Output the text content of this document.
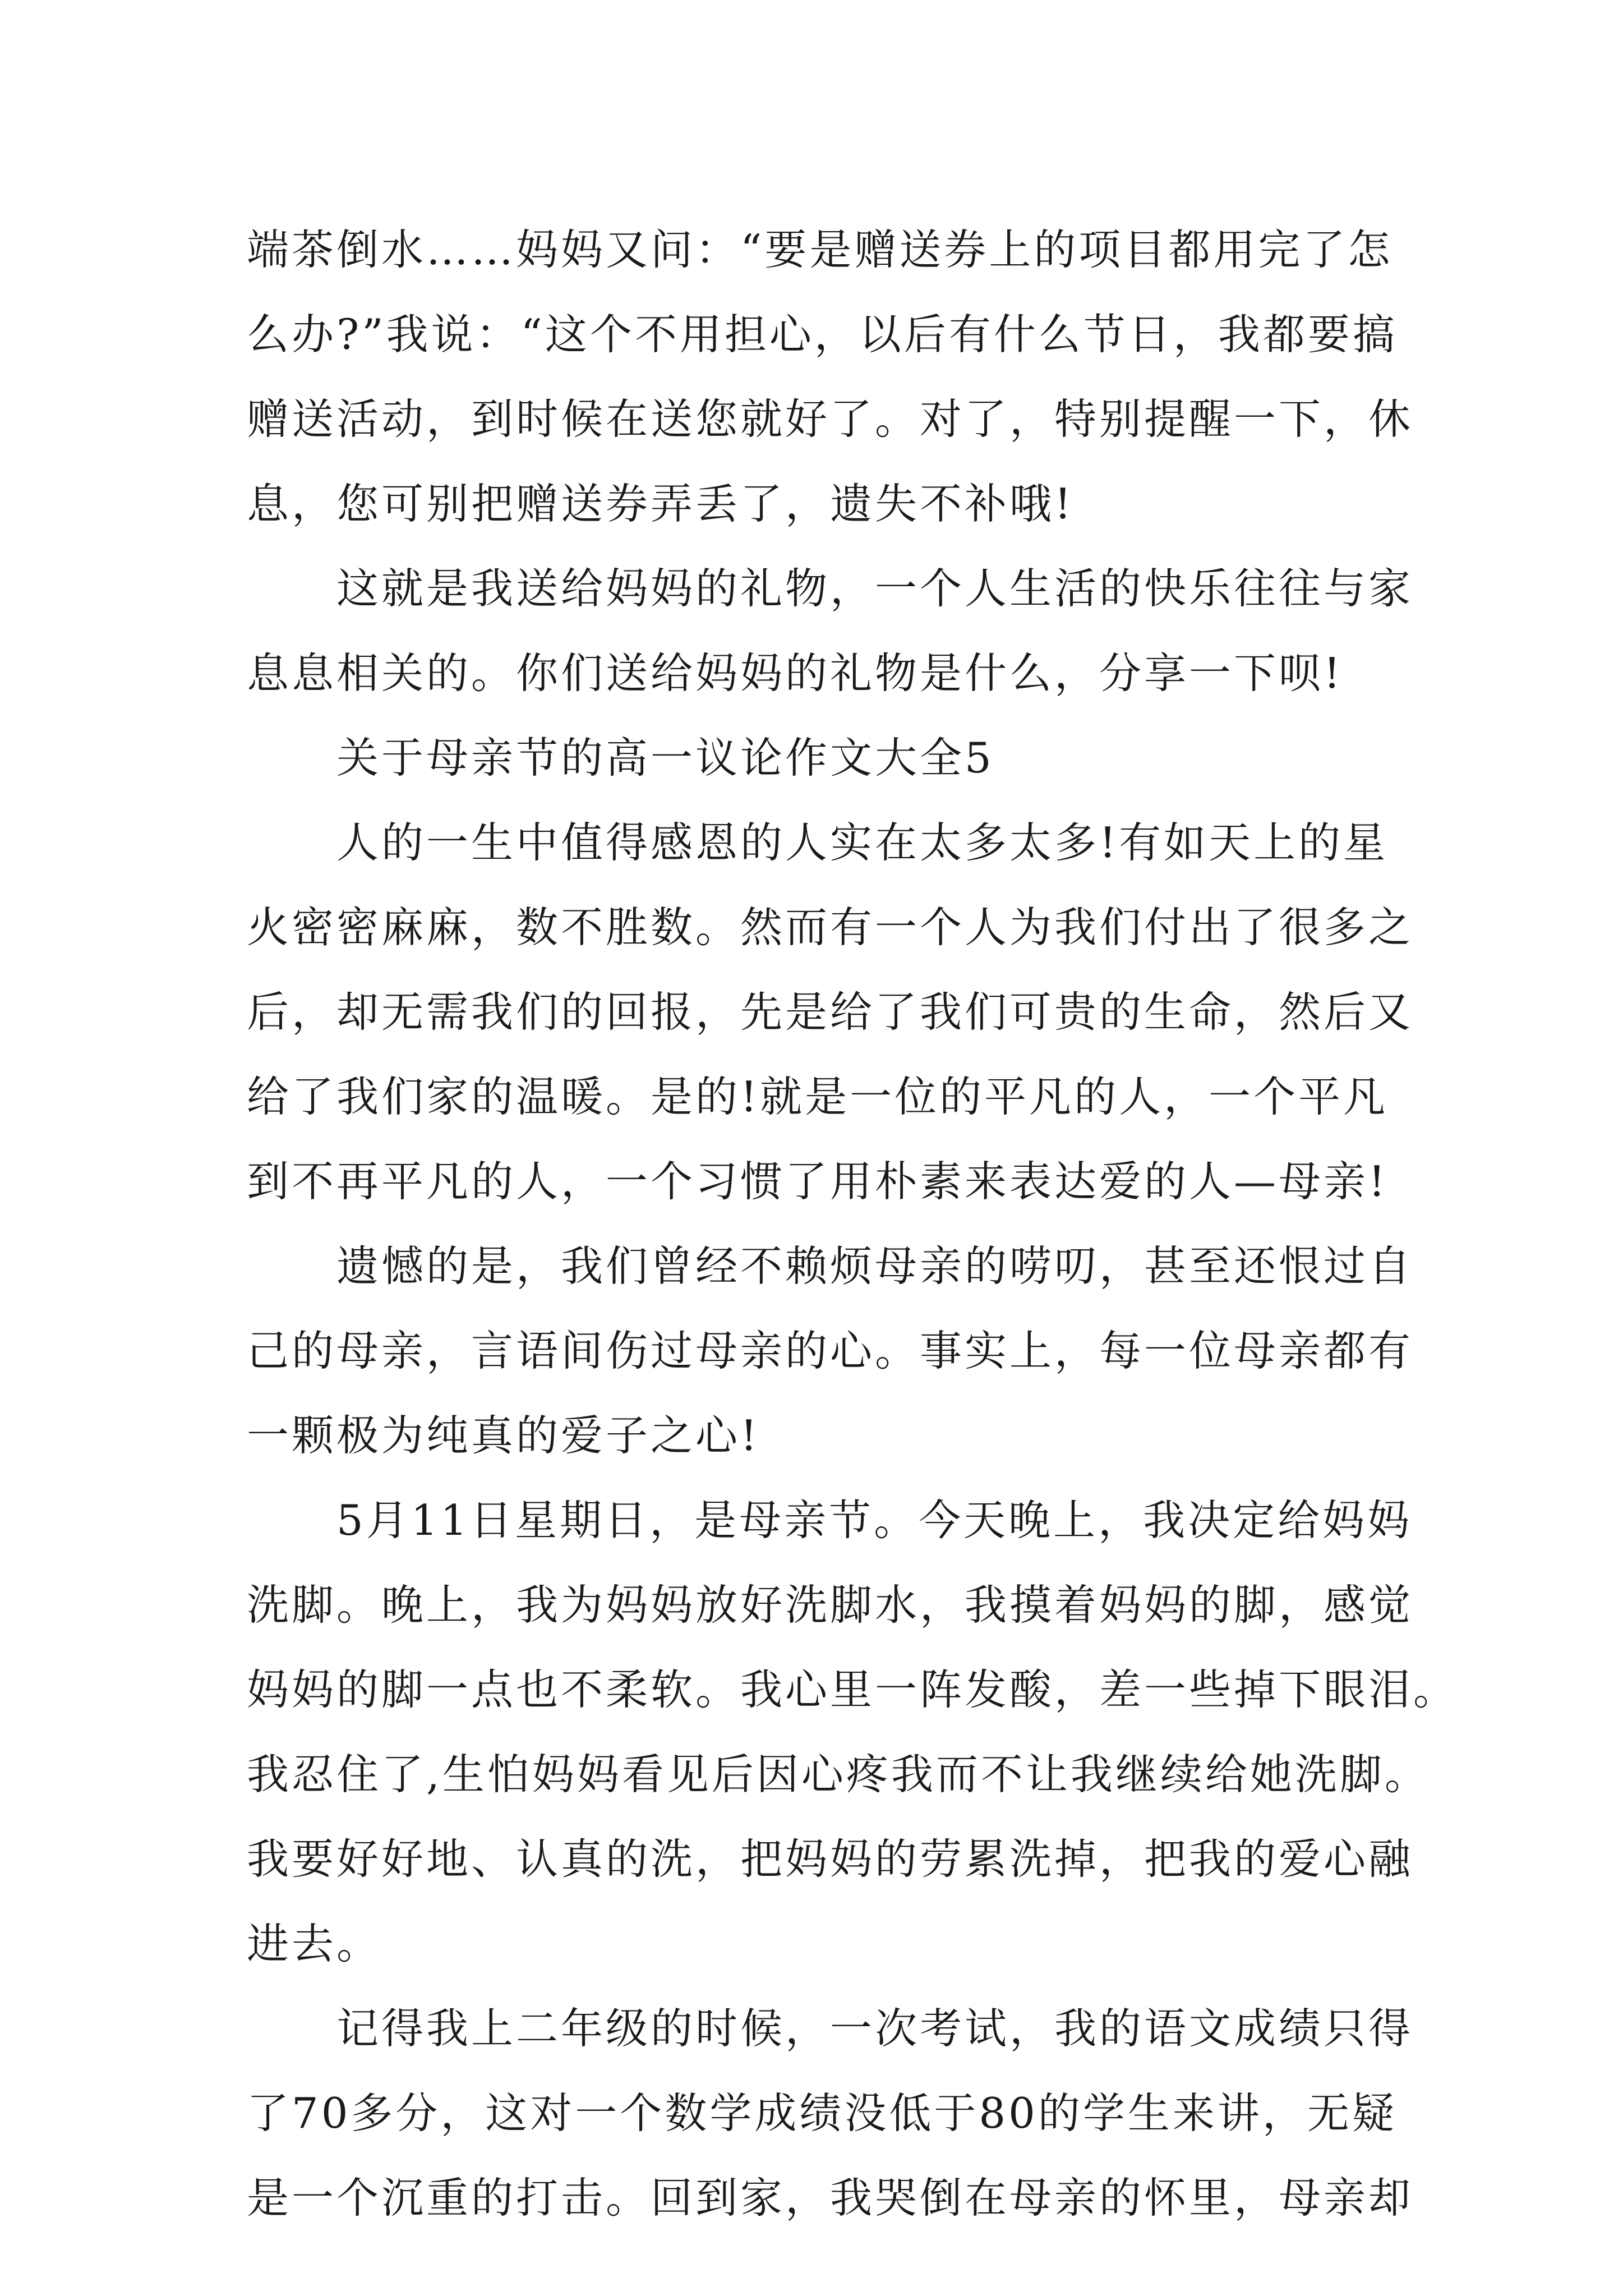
端茶倒水……妈妈又问：“要是赠送券上的项目都用完了怎
么办?”我说：“这个不用担心，以后有什么节日，我都要搞
赠送活动，到时候在送您就好了。对了，特别提醒一下，休
息，您可别把赠送券弄丢了，遗失不补哦!
这就是我送给妈妈的礼物，一个人生活的快乐往往与家
息息相关的。你们送给妈妈的礼物是什么，分享一下呗!
关于母亲节的高一议论作文大全5
人的一生中值得感恩的人实在太多太多!有如天上的星
火密密麻麻，数不胜数。然而有一个人为我们付出了很多之
后，却无需我们的回报，先是给了我们可贵的生命，然后又
给了我们家的温暖。是的!就是一位的平凡的人，一个平凡
到不再平凡的人，一个习惯了用朴素来表达爱的人—母亲!
遗憾的是，我们曾经不赖烦母亲的唠叨，甚至还恨过自
己的母亲，言语间伤过母亲的心。事实上，每一位母亲都有
一颗极为纯真的爱子之心!
5月11日星期日，是母亲节。今天晚上，我决定给妈妈
洗脚。晚上，我为妈妈放好洗脚水，我摸着妈妈的脚，感觉
妈妈的脚一点也不柔软。我心里一阵发酸，差一些掉下眼泪。
我忍住了,生怕妈妈看见后因心疼我而不让我继续给她洗脚。
我要好好地、认真的洗，把妈妈的劳累洗掉，把我的爱心融
进去。
记得我上二年级的时候，一次考试，我的语文成绩只得
了70多分，这对一个数学成绩没低于80的学生来讲，无疑
是一个沉重的打击。回到家，我哭倒在母亲的怀里，母亲却
